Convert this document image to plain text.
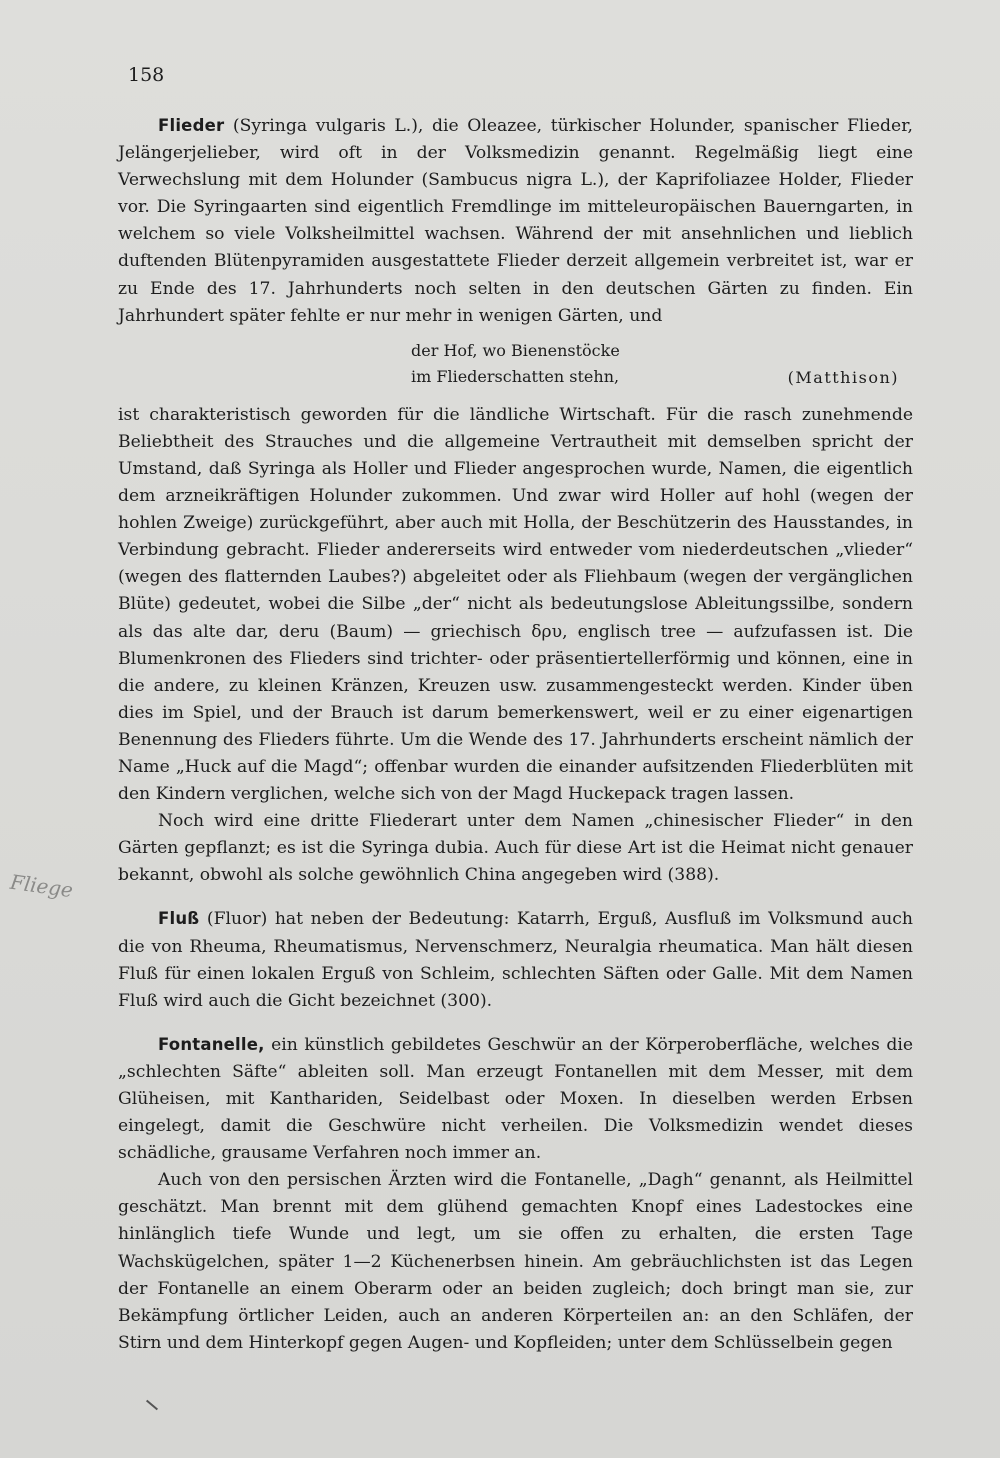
158
Fliege

Flieder (Syringa vulgaris L.), die Oleazee, türkischer Holunder, spanischer Flieder, Jelängerjelieber, wird oft in der Volksmedizin genannt. Regelmäßig liegt eine Verwechslung mit dem Holunder (Sambucus nigra L.), der Kaprifoliazee Holder, Flieder vor. Die Syringaarten sind eigentlich Fremdlinge im mitteleuropäischen Bauerngarten, in welchem so viele Volksheilmittel wachsen. Während der mit ansehnlichen und lieblich duftenden Blütenpyramiden ausgestattete Flieder derzeit allgemein verbreitet ist, war er zu Ende des 17. Jahrhunderts noch selten in den deutschen Gärten zu finden. Ein Jahrhundert später fehlte er nur mehr in wenigen Gärten, und

der Hof, wo Bienenstöcke
im Fliederschatten stehn,	(Matthison)

ist charakteristisch geworden für die ländliche Wirtschaft. Für die rasch zunehmende Beliebtheit des Strauches und die allgemeine Vertrautheit mit demselben spricht der Umstand, daß Syringa als Holler und Flieder angesprochen wurde, Namen, die eigentlich dem arzneikräftigen Holunder zukommen. Und zwar wird Holler auf hohl (wegen der hohlen Zweige) zurückgeführt, aber auch mit Holla, der Beschützerin des Hausstandes, in Verbindung gebracht. Flieder andererseits wird entweder vom niederdeutschen „vlieder“ (wegen des flatternden Laubes?) abgeleitet oder als Fliehbaum (wegen der vergänglichen Blüte) gedeutet, wobei die Silbe „der“ nicht als bedeutungslose Ableitungssilbe, sondern als das alte dar, deru (Baum) — griechisch δρυ, englisch tree — aufzufassen ist. Die Blumenkronen des Flieders sind trichter- oder präsentiertellerförmig und können, eine in die andere, zu kleinen Kränzen, Kreuzen usw. zusammengesteckt werden. Kinder üben dies im Spiel, und der Brauch ist darum bemerkenswert, weil er zu einer eigenartigen Benennung des Flieders führte. Um die Wende des 17. Jahrhunderts erscheint nämlich der Name „Huck auf die Magd“; offenbar wurden die einander aufsitzenden Fliederblüten mit den Kindern verglichen, welche sich von der Magd Huckepack tragen lassen.

Noch wird eine dritte Fliederart unter dem Namen „chinesischer Flieder“ in den Gärten gepflanzt; es ist die Syringa dubia. Auch für diese Art ist die Heimat nicht genauer bekannt, obwohl als solche gewöhnlich China angegeben wird (388).

Fluß (Fluor) hat neben der Bedeutung: Katarrh, Erguß, Ausfluß im Volksmund auch die von Rheuma, Rheumatismus, Nervenschmerz, Neuralgia rheumatica. Man hält diesen Fluß für einen lokalen Erguß von Schleim, schlechten Säften oder Galle. Mit dem Namen Fluß wird auch die Gicht bezeichnet (300).

Fontanelle, ein künstlich gebildetes Geschwür an der Körperoberfläche, welches die „schlechten Säfte“ ableiten soll. Man erzeugt Fontanellen mit dem Messer, mit dem Glüheisen, mit Kanthariden, Seidelbast oder Moxen. In dieselben werden Erbsen eingelegt, damit die Geschwüre nicht verheilen. Die Volksmedizin wendet dieses schädliche, grausame Verfahren noch immer an.

Auch von den persischen Ärzten wird die Fontanelle, „Dagh“ genannt, als Heilmittel geschätzt. Man brennt mit dem glühend gemachten Knopf eines Ladestockes eine hinlänglich tiefe Wunde und legt, um sie offen zu erhalten, die ersten Tage Wachskügelchen, später 1—2 Küchenerbsen hinein. Am gebräuchlichsten ist das Legen der Fontanelle an einem Oberarm oder an beiden zugleich; doch bringt man sie, zur Bekämpfung örtlicher Leiden, auch an anderen Körperteilen an: an den Schläfen, der Stirn und dem Hinterkopf gegen Augen- und Kopfleiden; unter dem Schlüsselbein gegen
